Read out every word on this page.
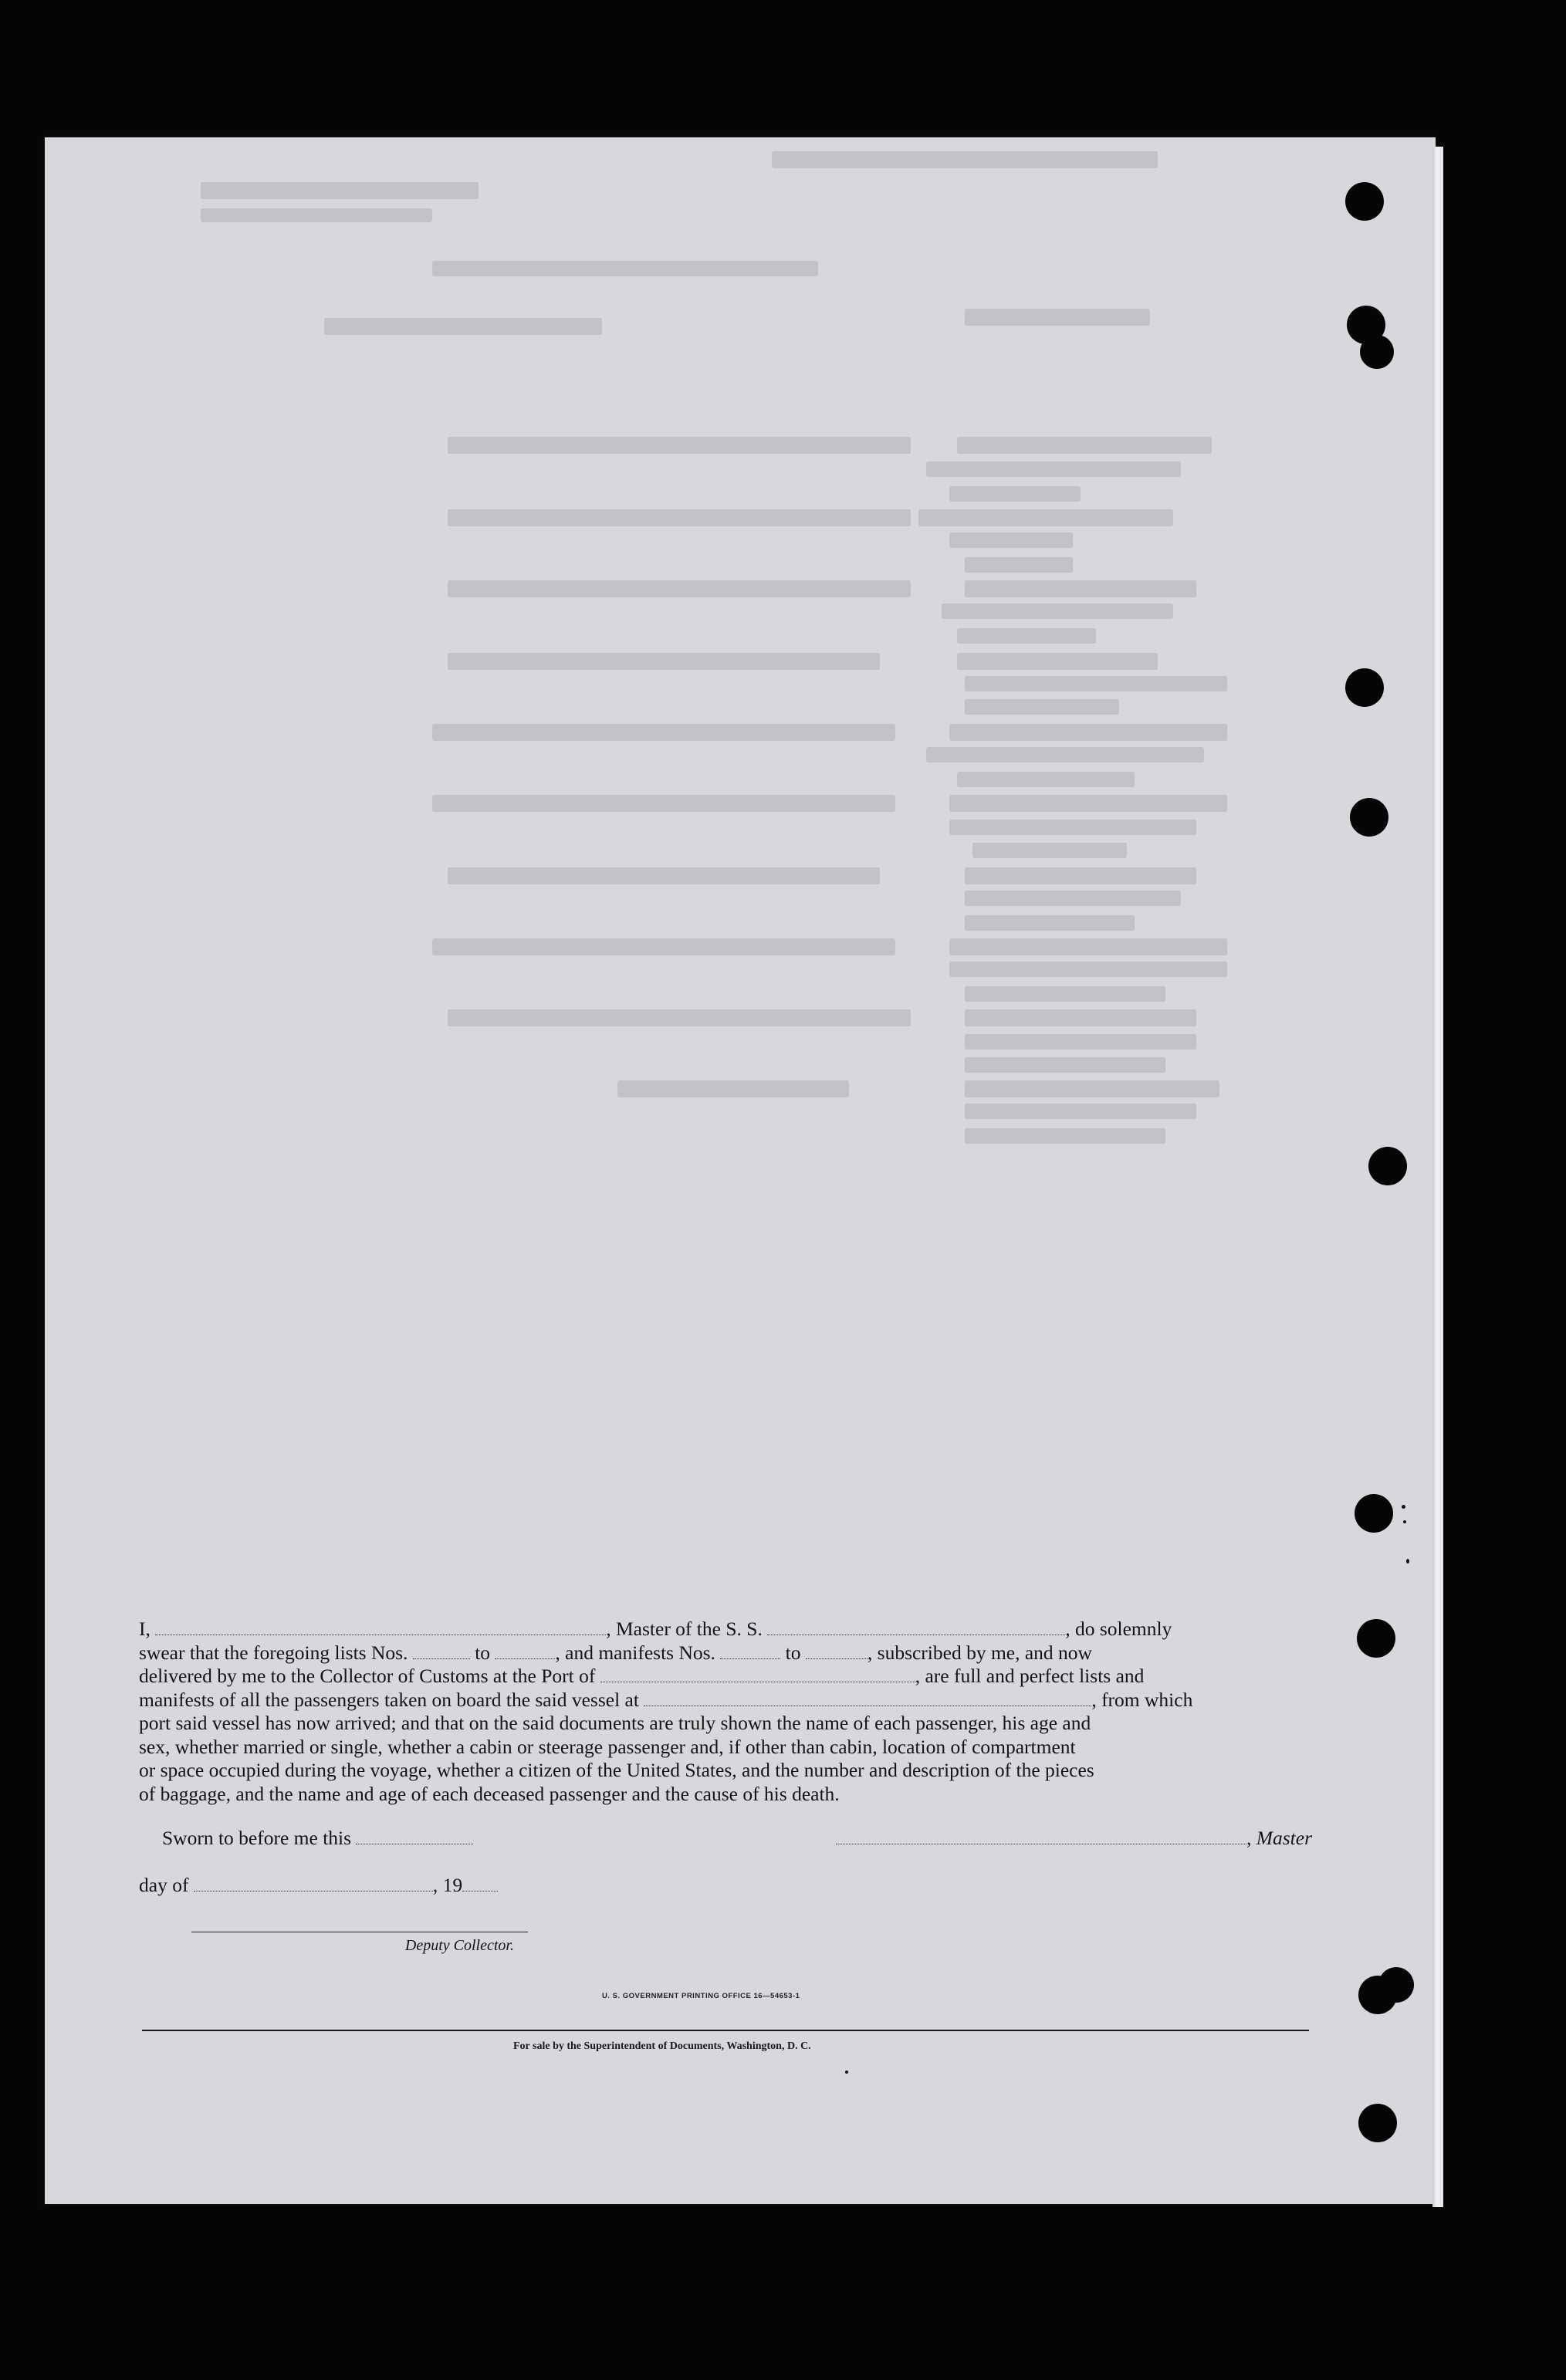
I,	, Master of the S. S.	, do solemnly

swear that the foregoing lists Nos.	to	, and manifests Nos.	to	, subscribed by me, and now

delivered by me to the Collector of Customs at the Port of	, are full and perfect lists and

manifests of all the passengers taken on board the said vessel at	, from which

port said vessel has now arrived; and that on the said documents are truly shown the name of each passenger, his age and

sex, whether married or single, whether a cabin or steerage passenger and, if other than cabin, location of compartment

or space occupied during the voyage, whether a citizen of the United States, and the number and description of the pieces

of baggage, and the name and age of each deceased passenger and the cause of his death.

Sworn to before me this	, Master
day of	, 19
Deputy Collector.
U. S. GOVERNMENT PRINTING OFFICE 16—54653-1
For sale by the Superintendent of Documents, Washington, D. C.
